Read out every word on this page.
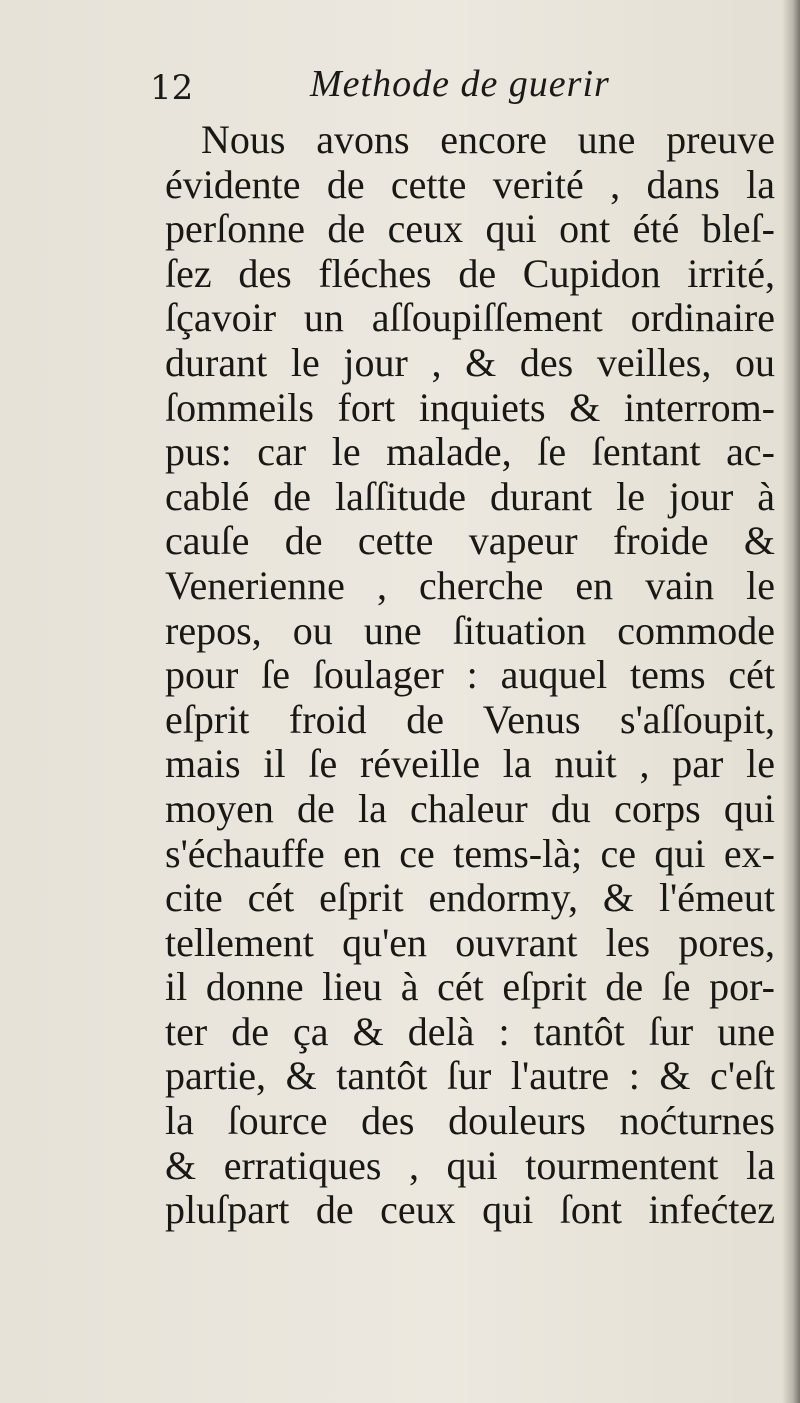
12	Methode de guerir
Nous avons encore une preuve
évidente de cette verité , dans la
perſonne de ceux qui ont été bleſ-
ſez des fléches de Cupidon irrité,
ſçavoir un aſſoupiſſement ordinaire
durant le jour , & des veilles, ou
ſommeils fort inquiets & interrom-
pus: car le malade, ſe ſentant ac-
cablé de laſſitude durant le jour à
cauſe de cette vapeur froide &
Venerienne , cherche en vain le
repos, ou une ſituation commode
pour ſe ſoulager : auquel tems cét
eſprit froid de Venus s'aſſoupit,
mais il ſe réveille la nuit , par le
moyen de la chaleur du corps qui
s'échauffe en ce tems-là; ce qui ex-
cite cét eſprit endormy, & l'émeut
tellement qu'en ouvrant les pores,
il donne lieu à cét eſprit de ſe por-
ter de ça & delà : tantôt ſur une
partie, & tantôt ſur l'autre : & c'eſt
la ſource des douleurs noćturnes
& erratiques , qui tourmentent la
pluſpart de ceux qui ſont infećtez
